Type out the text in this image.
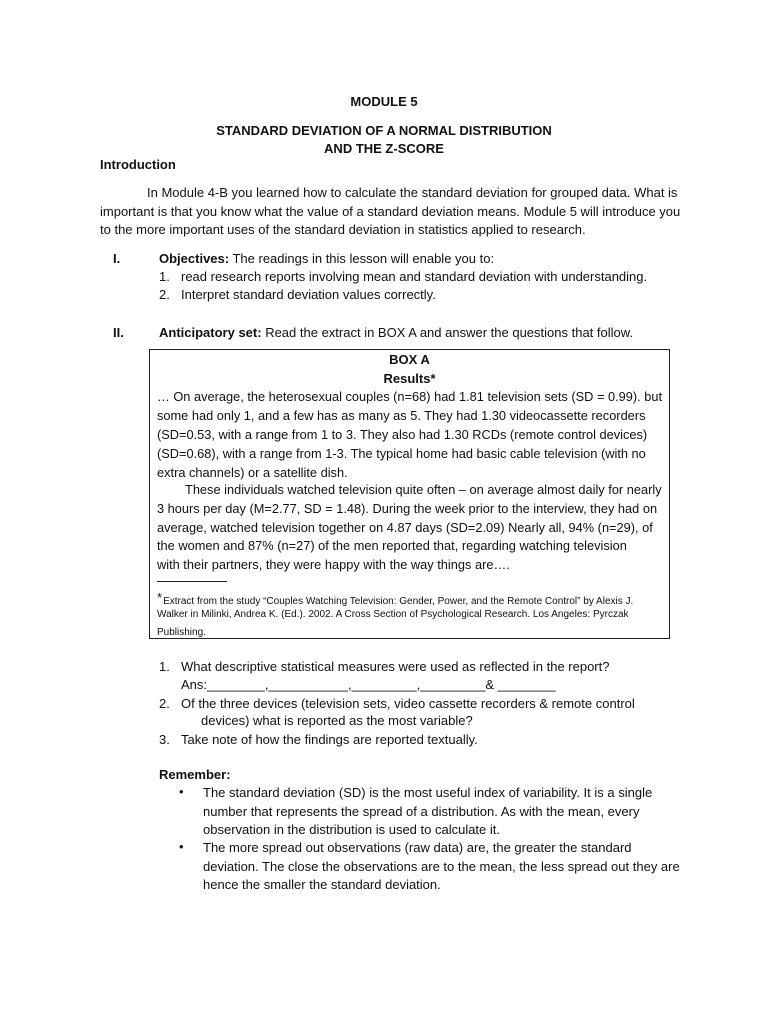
MODULE 5
STANDARD DEVIATION OF A NORMAL DISTRIBUTION
AND THE Z-SCORE
Introduction
In Module 4-B you learned how to calculate the standard deviation for grouped data. What is
important is that you know what the value of a standard deviation means. Module 5 will introduce you
to the more important uses of the standard deviation in statistics applied to research.
I.	Objectives: The readings in this lesson will enable you to:
1. read research reports involving mean and standard deviation with understanding.
2. Interpret standard deviation values correctly.
II.	Anticipatory set: Read the extract in BOX A and answer the questions that follow.
BOX A
Results*
… On average, the heterosexual couples (n=68) had 1.81 television sets (SD = 0.99). but
some had only 1, and a few has as many as 5. They had 1.30 videocassette recorders
(SD=0.53, with a range from 1 to 3. They also had 1.30 RCDs (remote control devices)
(SD=0.68), with a range from 1-3. The typical home had basic cable television (with no
extra channels) or a satellite dish.
These individuals watched television quite often – on average almost daily for nearly
3 hours per day (M=2.77, SD = 1.48). During the week prior to the interview, they had on
average, watched television together on 4.87 days (SD=2.09) Nearly all, 94% (n=29), of
the women and 87% (n=27) of the men reported that, regarding watching television
with their partners, they were happy with the way things are….
*Extract from the study “Couples Watching Television: Gender, Power, and the Remote Control” by Alexis J.
Walker in Milinki, Andrea K. (Ed.). 2002. A Cross Section of Psychological Research. Los Angeles: Pyrczak
Publishing.
1. What descriptive statistical measures were used as reflected in the report?
Ans:________,___________,_________,_________& ________
2. Of the three devices (television sets, video cassette recorders & remote control
devices) what is reported as the most variable?
3. Take note of how the findings are reported textually.
Remember:
• The standard deviation (SD) is the most useful index of variability. It is a single
number that represents the spread of a distribution. As with the mean, every
observation in the distribution is used to calculate it.
• The more spread out observations (raw data) are, the greater the standard
deviation. The close the observations are to the mean, the less spread out they are
hence the smaller the standard deviation.
